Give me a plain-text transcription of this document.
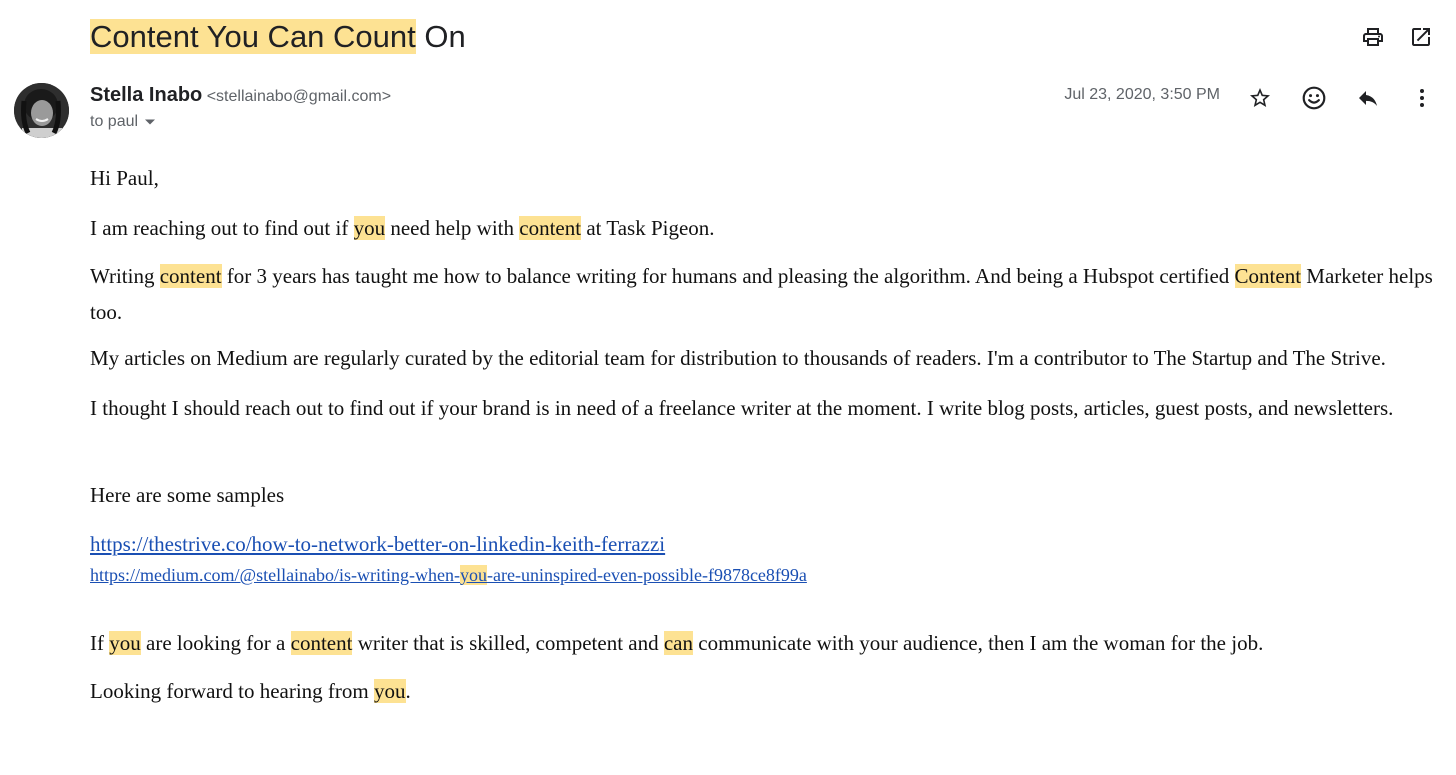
Content You Can Count On
Stella Inabo <stellainabo@gmail.com>
to paul
Jul 23, 2020, 3:50 PM

Hi Paul,

I am reaching out to find out if you need help with content at Task Pigeon.

Writing content for 3 years has taught me how to balance writing for humans and pleasing the algorithm. And being a Hubspot certified Content Marketer helps too.

My articles on Medium are regularly curated by the editorial team for distribution to thousands of readers. I'm a contributor to The Startup and The Strive.

I thought I should reach out to find out if your brand is in need of a freelance writer at the moment. I write blog posts, articles, guest posts, and newsletters.

Here are some samples

https://thestrive.co/how-to-network-better-on-linkedin-keith-ferrazzi

https://medium.com/@stellainabo/is-writing-when-you-are-uninspired-even-possible-f9878ce8f99a

If you are looking for a content writer that is skilled, competent and can communicate with your audience, then I am the woman for the job.

Looking forward to hearing from you.
